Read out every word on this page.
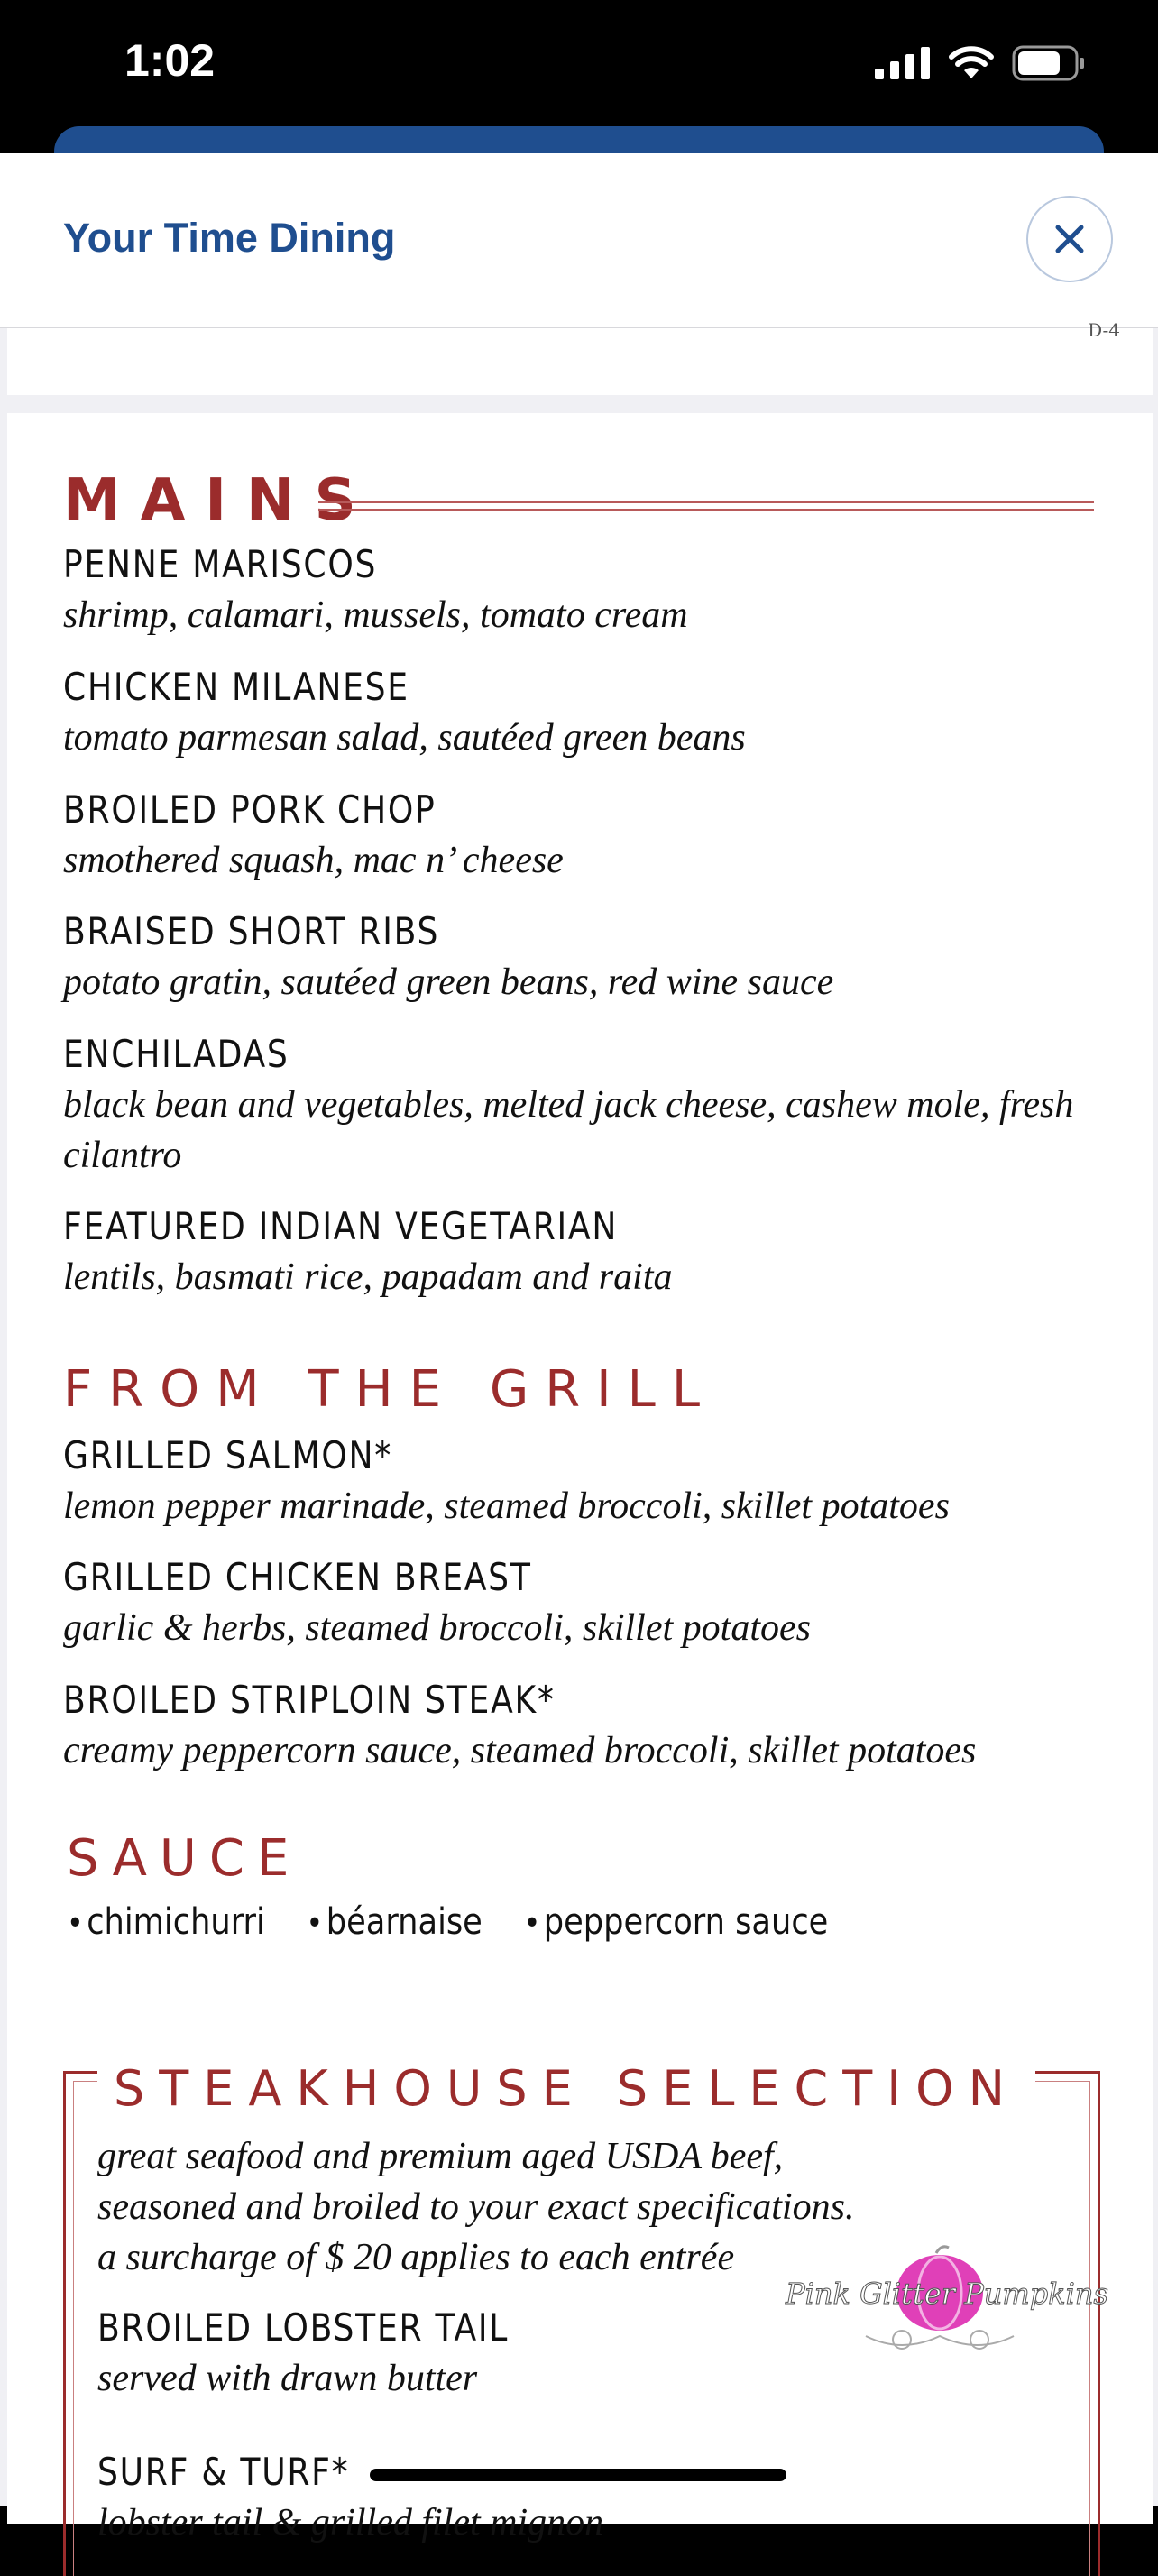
1:02
Your Time Dining
D-4
MAINS
PENNE MARISCOS
shrimp, calamari, mussels, tomato cream
CHICKEN MILANESE
tomato parmesan salad, sautéed green beans
BROILED PORK CHOP
smothered squash, mac n’ cheese
BRAISED SHORT RIBS
potato gratin, sautéed green beans, red wine sauce
ENCHILADAS
black bean and vegetables, melted jack cheese, cashew mole, fresh cilantro
FEATURED INDIAN VEGETARIAN
lentils, basmati rice, papadam and raita
FROM THE GRILL
GRILLED SALMON*
lemon pepper marinade, steamed broccoli, skillet potatoes
GRILLED CHICKEN BREAST
garlic & herbs, steamed broccoli, skillet potatoes
BROILED STRIPLOIN STEAK*
creamy peppercorn sauce, steamed broccoli, skillet potatoes
SAUCE
• chimichurri	• béarnaise	• peppercorn sauce
STEAKHOUSE SELECTION
great seafood and premium aged USDA beef,
seasoned and broiled to your exact specifications.
a surcharge of $ 20 applies to each entrée
BROILED LOBSTER TAIL
served with drawn butter
SURF & TURF*
lobster tail & grilled filet mignon
Pink Glitter Pumpkins
